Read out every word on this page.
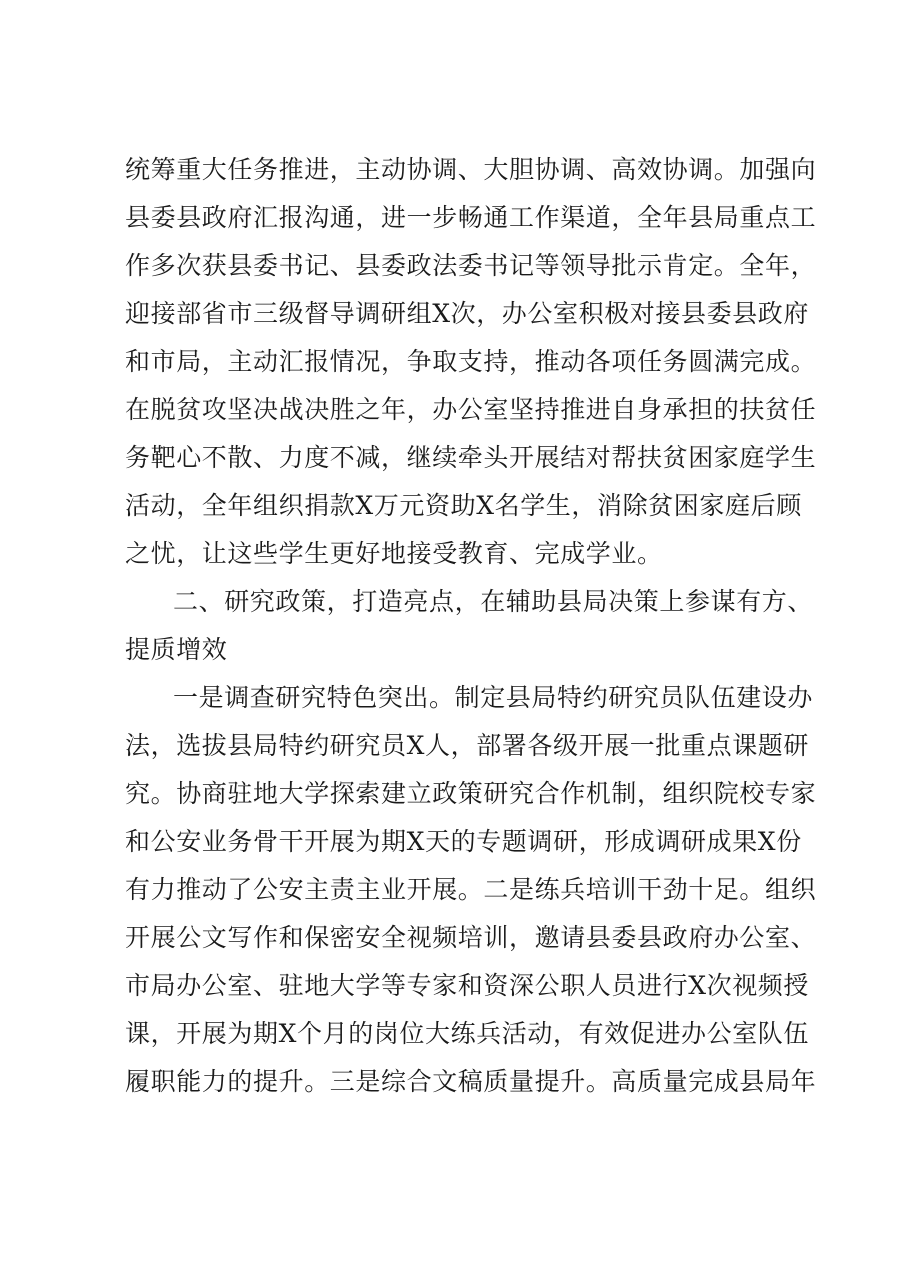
统筹重大任务推进，主动协调、大胆协调、高效协调。加强向
县委县政府汇报沟通，进一步畅通工作渠道，全年县局重点工
作多次获县委书记、县委政法委书记等领导批示肯定。全年，
迎接部省市三级督导调研组X次，办公室积极对接县委县政府
和市局，主动汇报情况，争取支持，推动各项任务圆满完成。
在脱贫攻坚决战决胜之年，办公室坚持推进自身承担的扶贫任
务靶心不散、力度不减，继续牵头开展结对帮扶贫困家庭学生
活动，全年组织捐款X万元资助X名学生，消除贫困家庭后顾
之忧，让这些学生更好地接受教育、完成学业。
二、研究政策，打造亮点，在辅助县局决策上参谋有方、
提质增效
一是调查研究特色突出。制定县局特约研究员队伍建设办
法，选拔县局特约研究员X人，部署各级开展一批重点课题研
究。协商驻地大学探索建立政策研究合作机制，组织院校专家
和公安业务骨干开展为期X天的专题调研，形成调研成果X份
有力推动了公安主责主业开展。二是练兵培训干劲十足。组织
开展公文写作和保密安全视频培训，邀请县委县政府办公室、
市局办公室、驻地大学等专家和资深公职人员进行X次视频授
课，开展为期X个月的岗位大练兵活动，有效促进办公室队伍
履职能力的提升。三是综合文稿质量提升。高质量完成县局年
